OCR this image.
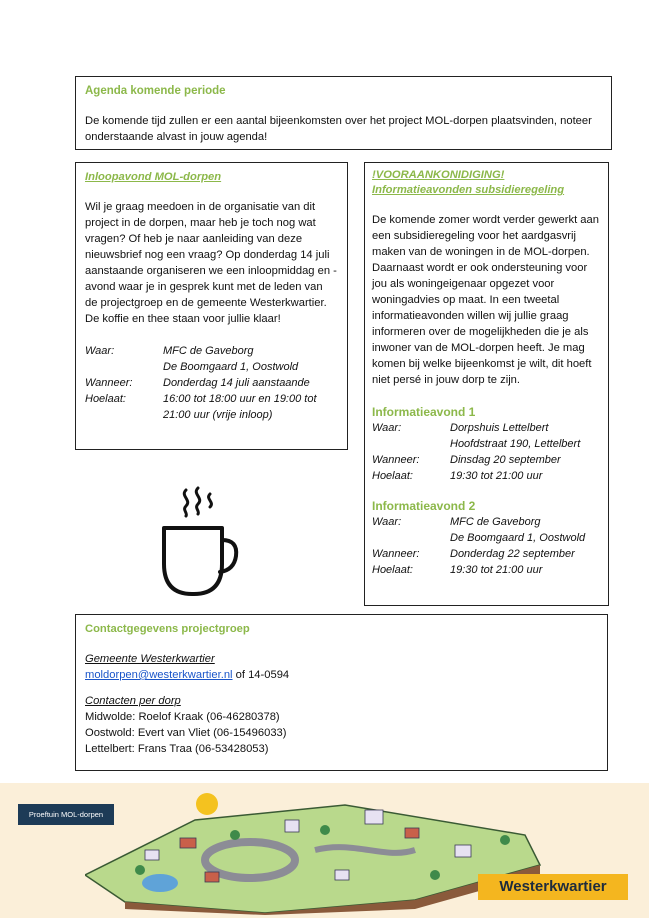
Agenda komende periode
De komende tijd zullen er een aantal bijeenkomsten over het project MOL-dorpen plaatsvinden, noteer onderstaande alvast in jouw agenda!
Inloopavond MOL-dorpen
Wil je graag meedoen in de organisatie van dit project in de dorpen, maar heb je toch nog wat vragen? Of heb je naar aanleiding van deze nieuwsbrief nog een vraag? Op donderdag 14 juli aanstaande organiseren we een inloopmiddag en -avond waar je in gesprek kunt met de leden van de projectgroep en de gemeente Westerkwartier. De koffie en thee staan voor jullie klaar!
Waar:	MFC de Gaveborg
De Boomgaard 1, Oostwold
Wanneer:	Donderdag 14 juli aanstaande
Hoelaat:	16:00 tot 18:00 uur en 19:00 tot 21:00 uur (vrije inloop)
!VOORAANKONIDIGING!
Informatieavonden subsidieregeling
De komende zomer wordt verder gewerkt aan een subsidieregeling voor het aardgasvrij maken van de woningen in de MOL-dorpen. Daarnaast wordt er ook ondersteuning voor jou als woningeigenaar opgezet voor woningadvies op maat. In een tweetal informatieavonden willen wij jullie graag informeren over de mogelijkheden die je als inwoner van de MOL-dorpen heeft. Je mag komen bij welke bijeenkomst je wilt, dit hoeft niet persé in jouw dorp te zijn.
Informatieavond 1
Waar:	Dorpshuis Lettelbert
Hoofdstraat 190, Lettelbert
Wanneer:	Dinsdag 20 september
Hoelaat:	19:30 tot 21:00 uur
Informatieavond 2
Waar:	MFC de Gaveborg
De Boomgaard 1, Oostwold
Wanneer:	Donderdag 22 september
Hoelaat:	19:30 tot 21:00 uur
Contactgegevens projectgroep
Gemeente Westerkwartier
moldorpen@westerkwartier.nl of 14-0594
Contacten per dorp
Midwolde: Roelof Kraak (06-46280378)
Oostwold: Evert van Vliet (06-15496033)
Lettelbert: Frans Traa (06-53428053)
Proeftuin MOL-dorpen
Westerkwartier
